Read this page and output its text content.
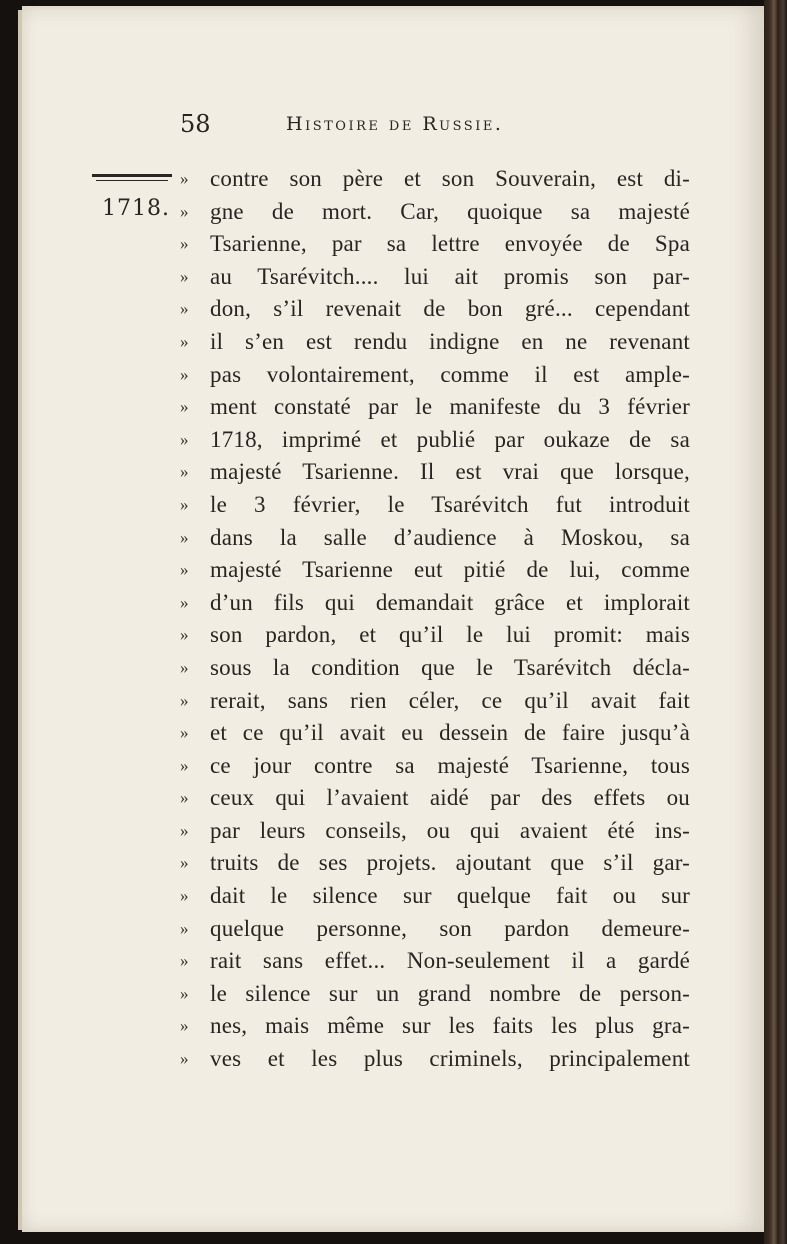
58	Histoire de Russie.
1718.
» contre son père et son Souverain, est di-
» gne de mort. Car, quoique sa majesté
» Tsarienne, par sa lettre envoyée de Spa
» au Tsarévitch.... lui ait promis son par-
» don, s’il revenait de bon gré... cependant
» il s’en est rendu indigne en ne revenant
» pas volontairement, comme il est ample-
» ment constaté par le manifeste du 3 février
» 1718, imprimé et publié par oukaze de sa
» majesté Tsarienne. Il est vrai que lorsque,
» le 3 février, le Tsarévitch fut introduit
» dans la salle d’audience à Moskou, sa
» majesté Tsarienne eut pitié de lui, comme
» d’un fils qui demandait grâce et implorait
» son pardon, et qu’il le lui promit: mais
» sous la condition que le Tsarévitch décla-
» rerait, sans rien céler, ce qu’il avait fait
» et ce qu’il avait eu dessein de faire jusqu’à
» ce jour contre sa majesté Tsarienne, tous
» ceux qui l’avaient aidé par des effets ou
» par leurs conseils, ou qui avaient été ins-
» truits de ses projets. ajoutant que s’il gar-
» dait le silence sur quelque fait ou sur
» quelque personne, son pardon demeure-
» rait sans effet... Non-seulement il a gardé
» le silence sur un grand nombre de person-
» nes, mais même sur les faits les plus gra-
» ves et les plus criminels, principalement
